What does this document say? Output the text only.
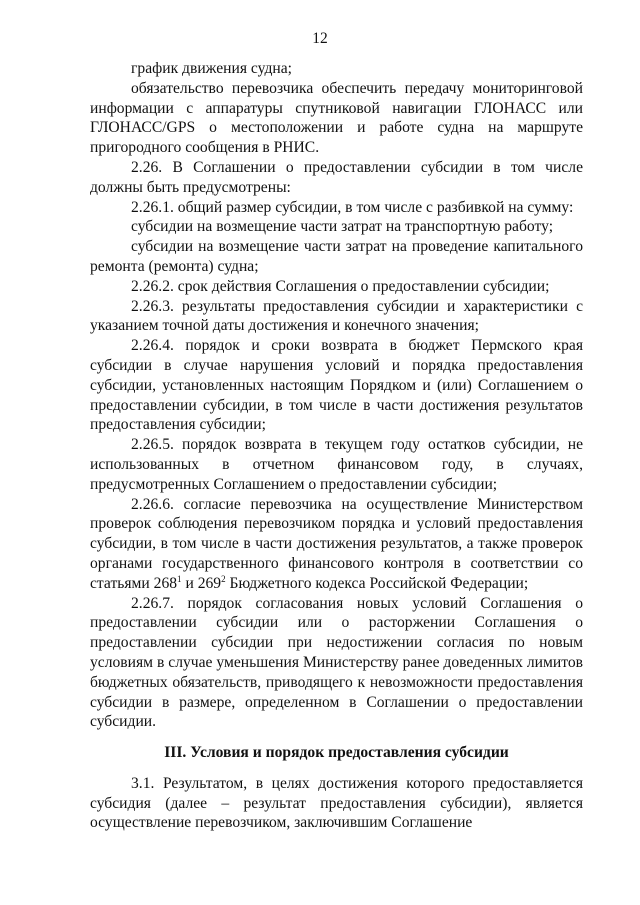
12

график движения судна;

обязательство перевозчика обеспечить передачу мониторинговой информации с аппаратуры спутниковой навигации ГЛОНАСС или ГЛОНАСС/GPS о местоположении и работе судна на маршруте пригородного сообщения в РНИС.

2.26. В Соглашении о предоставлении субсидии в том числе должны быть предусмотрены:

2.26.1. общий размер субсидии, в том числе с разбивкой на сумму:

субсидии на возмещение части затрат на транспортную работу;

субсидии на возмещение части затрат на проведение капитального ремонта (ремонта) судна;

2.26.2. срок действия Соглашения о предоставлении субсидии;

2.26.3. результаты предоставления субсидии и характеристики с указанием точной даты достижения и конечного значения;

2.26.4. порядок и сроки возврата в бюджет Пермского края субсидии в случае нарушения условий и порядка предоставления субсидии, установленных настоящим Порядком и (или) Соглашением о предоставлении субсидии, в том числе в части достижения результатов предоставления субсидии;

2.26.5. порядок возврата в текущем году остатков субсидии, не использованных в отчетном финансовом году, в случаях, предусмотренных Соглашением о предоставлении субсидии;

2.26.6. согласие перевозчика на осуществление Министерством проверок соблюдения перевозчиком порядка и условий предоставления субсидии, в том числе в части достижения результатов, а также проверок органами государственного финансового контроля в соответствии со статьями $268^1$ и $269^2$ Бюджетного кодекса Российской Федерации;

2.26.7. порядок согласования новых условий Соглашения о предоставлении субсидии или о расторжении Соглашения о предоставлении субсидии при недостижении согласия по новым условиям в случае уменьшения Министерству ранее доведенных лимитов бюджетных обязательств, приводящего к невозможности предоставления субсидии в размере, определенном в Соглашении о предоставлении субсидии.

III. Условия и порядок предоставления субсидии

3.1. Результатом, в целях достижения которого предоставляется субсидия (далее – результат предоставления субсидии), является осуществление перевозчиком, заключившим Соглашение
